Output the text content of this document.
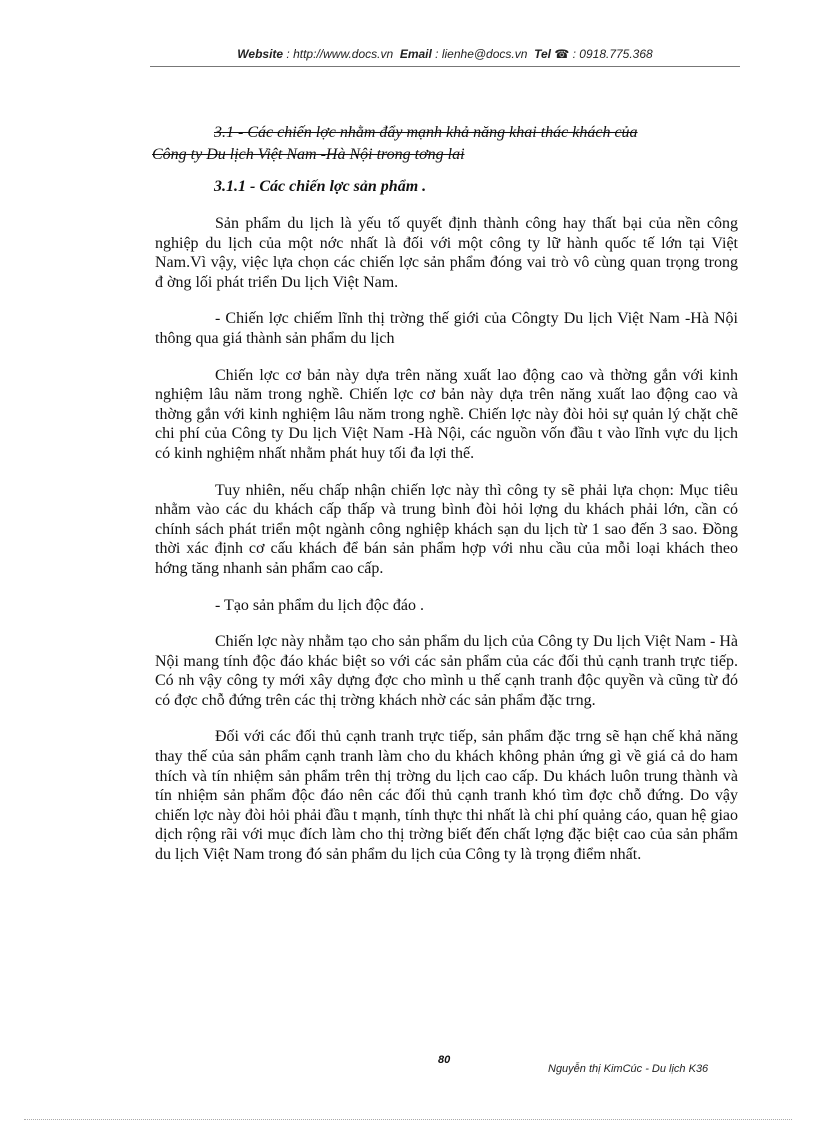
Website : http://www.docs.vn Email : lienhe@docs.vn Tel ☎ : 0918.775.368
3.1 - Các chiến lợc nhằm đẩy mạnh khả năng khai thác khách của
Công ty Du lịch Việt Nam -Hà Nội trong tơng lai
3.1.1 - Các chiến lợc sản phẩm .

Sản phẩm du lịch là yếu tố quyết định thành công hay thất bại của nền công nghiệp du lịch của một nớc nhất là đối với một công ty lữ hành quốc tế lớn tại Việt Nam.Vì vậy, việc lựa chọn các chiến lợc sản phẩm đóng vai trò vô cùng quan trọng trong đ ờng lối phát triển Du lịch Việt Nam.

- Chiến lợc chiếm lĩnh thị trờng thế giới của Côngty Du lịch Việt Nam -Hà Nội thông qua giá thành sản phẩm du lịch

Chiến lợc cơ bản này dựa trên năng xuất lao động cao và thờng gắn với kinh nghiệm lâu năm trong nghề. Chiến lợc cơ bản này dựa trên năng xuất lao động cao và thờng gắn với kinh nghiệm lâu năm trong nghề. Chiến lợc này đòi hỏi sự quản lý chặt chẽ chi phí của Công ty Du lịch Việt Nam -Hà Nội, các nguồn vốn đầu t vào lĩnh vực du lịch có kinh nghiệm nhất nhằm phát huy tối đa lợi thế.

Tuy nhiên, nếu chấp nhận chiến lợc này thì công ty sẽ phải lựa chọn: Mục tiêu nhằm vào các du khách cấp thấp và trung bình đòi hỏi lợng du khách phải lớn, cần có chính sách phát triển một ngành công nghiệp khách sạn du lịch từ 1 sao đến 3 sao. Đồng thời xác định cơ cấu khách để bán sản phẩm hợp với nhu cầu của mỗi loại khách theo hớng tăng nhanh sản phẩm cao cấp.

- Tạo sản phẩm du lịch độc đáo .

Chiến lợc này nhằm tạo cho sản phẩm du lịch của Công ty Du lịch Việt Nam - Hà Nội mang tính độc đáo khác biệt so với các sản phẩm của các đối thủ cạnh tranh trực tiếp. Có nh vậy công ty mới xây dựng đợc cho mình u thế cạnh tranh độc quyền và cũng từ đó có đợc chỗ đứng trên các thị trờng khách nhờ các sản phẩm đặc trng.

Đối với các đối thủ cạnh tranh trực tiếp, sản phẩm đặc trng sẽ hạn chế khả năng thay thế của sản phẩm cạnh tranh làm cho du khách không phản ứng gì về giá cả do ham thích và tín nhiệm sản phẩm trên thị trờng du lịch cao cấp. Du khách luôn trung thành và tín nhiệm sản phẩm độc đáo nên các đối thủ cạnh tranh khó tìm đợc chỗ đứng. Do vậy chiến lợc này đòi hỏi phải đầu t mạnh, tính thực thi nhất là chi phí quảng cáo, quan hệ giao dịch rộng rãi với mục đích làm cho thị trờng biết đến chất lợng đặc biệt cao của sản phẩm du lịch Việt Nam trong đó sản phẩm du lịch của Công ty là trọng điểm nhất.

80
Nguyễn thị KimCúc - Du lịch K36
